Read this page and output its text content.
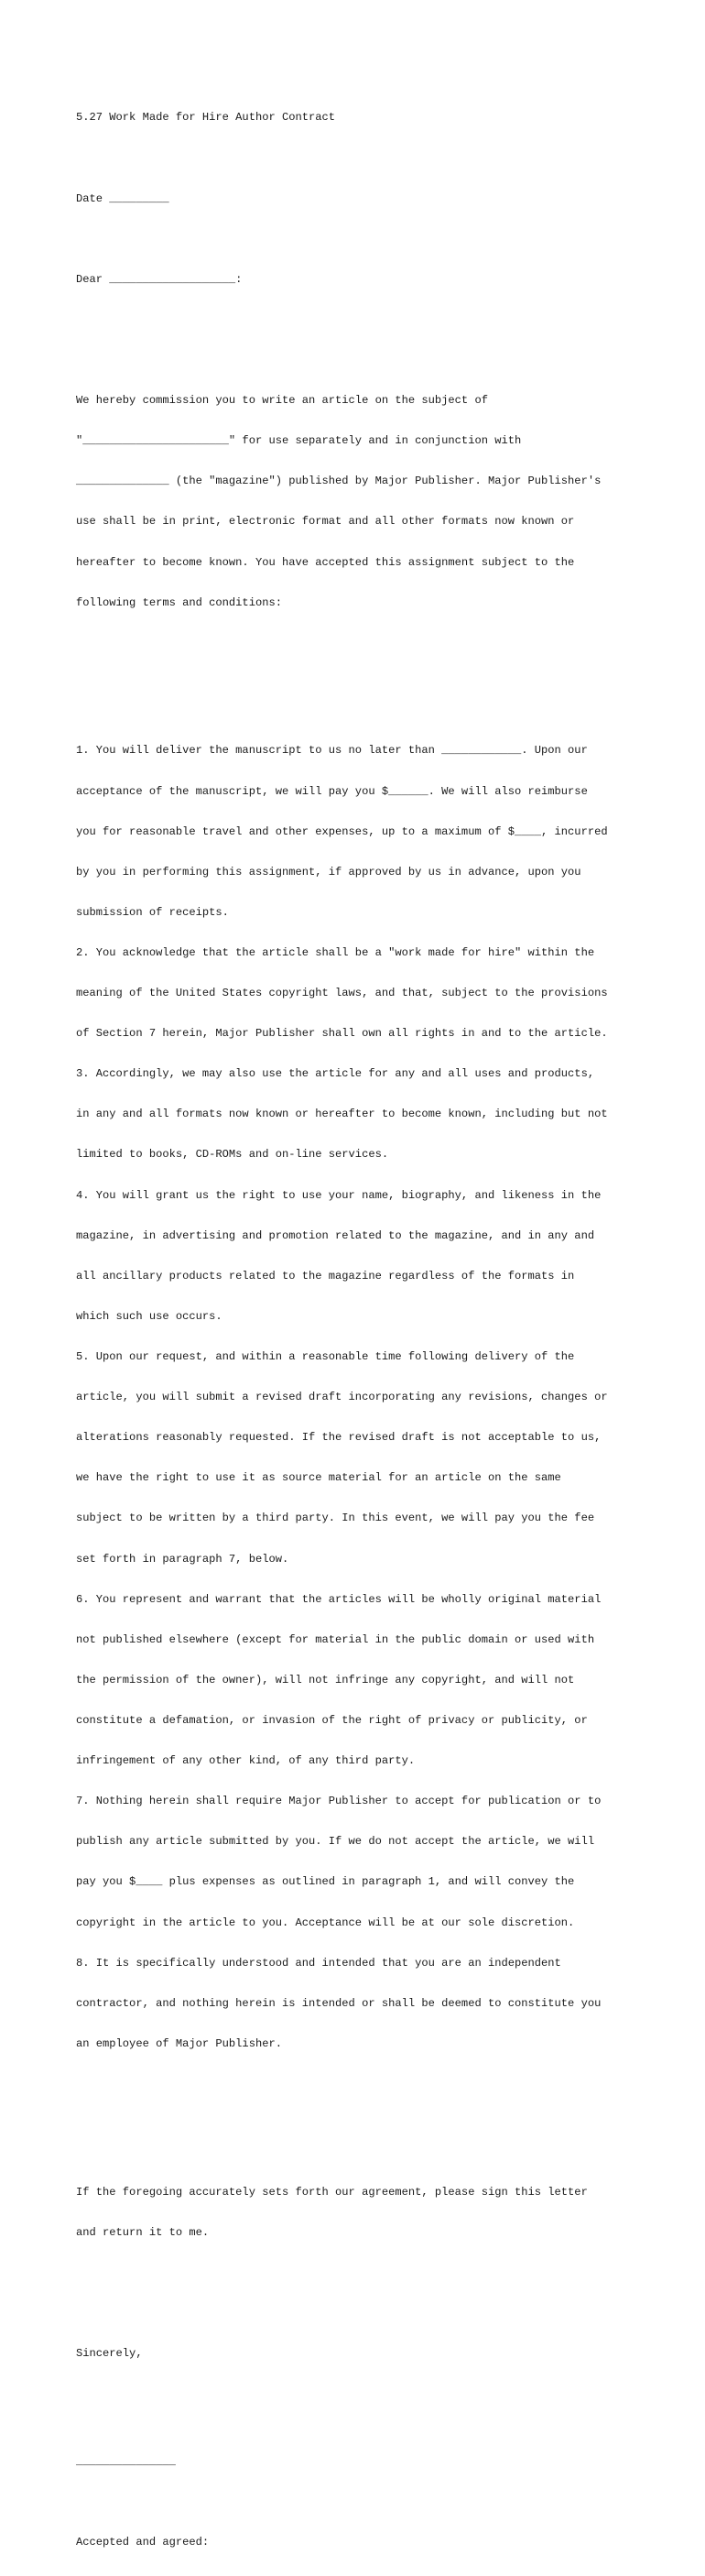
5.27 Work Made for Hire Author Contract

Date _________

Dear ___________________:

We hereby commission you to write an article on the subject of

"______________________" for use separately and in conjunction with

______________ (the "magazine") published by Major Publisher. Major Publisher's

use shall be in print, electronic format and all other formats now known or

hereafter to become known. You have accepted this assignment subject to the

following terms and conditions:

1. You will deliver the manuscript to us no later than ____________. Upon our

acceptance of the manuscript, we will pay you $______. We will also reimburse

you for reasonable travel and other expenses, up to a maximum of $____, incurred

by you in performing this assignment, if approved by us in advance, upon you

submission of receipts.

2. You acknowledge that the article shall be a "work made for hire" within the

meaning of the United States copyright laws, and that, subject to the provisions

of Section 7 herein, Major Publisher shall own all rights in and to the article.

3. Accordingly, we may also use the article for any and all uses and products,

in any and all formats now known or hereafter to become known, including but not

limited to books, CD-ROMs and on-line services.

4. You will grant us the right to use your name, biography, and likeness in the

magazine, in advertising and promotion related to the magazine, and in any and

all ancillary products related to the magazine regardless of the formats in

which such use occurs.

5. Upon our request, and within a reasonable time following delivery of the

article, you will submit a revised draft incorporating any revisions, changes or

alterations reasonably requested. If the revised draft is not acceptable to us,

we have the right to use it as source material for an article on the same

subject to be written by a third party. In this event, we will pay you the fee

set forth in paragraph 7, below.

6. You represent and warrant that the articles will be wholly original material

not published elsewhere (except for material in the public domain or used with

the permission of the owner), will not infringe any copyright, and will not

constitute a defamation, or invasion of the right of privacy or publicity, or

infringement of any other kind, of any third party.

7. Nothing herein shall require Major Publisher to accept for publication or to

publish any article submitted by you. If we do not accept the article, we will

pay you $____ plus expenses as outlined in paragraph 1, and will convey the

copyright in the article to you. Acceptance will be at our sole discretion.

8. It is specifically understood and intended that you are an independent

contractor, and nothing herein is intended or shall be deemed to constitute you

an employee of Major Publisher.

If the foregoing accurately sets forth our agreement, please sign this letter

and return it to me.

Sincerely,

_______________

Accepted and agreed:
